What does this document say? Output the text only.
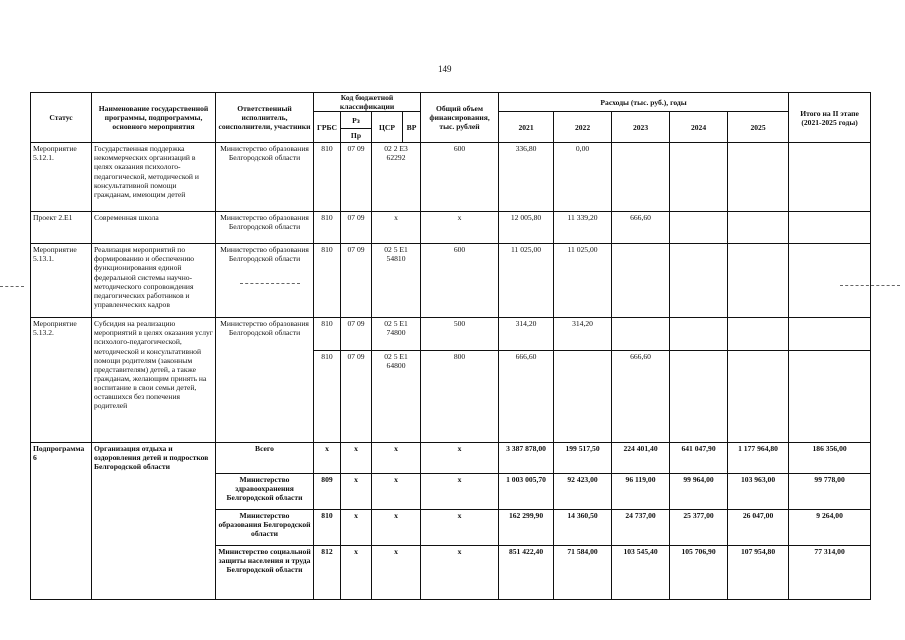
149
Статус	Наименование государственной программы, подпрограммы, основного мероприятия	Ответственный исполнитель, соисполнители, участники	Код бюджетной классификации				Общий объем финансирования, тыс. рублей	Расходы (тыс. руб.), годы					Итого на II этапе (2021-2025 годы)	
			ГРБС	Рз	ЦСР	ВР		2021	2022	2023	2024	2025		
				Пр										
Мероприятие 5.12.1.	Государственная поддержка некоммерческих организаций в целях оказания психолого-педагогической, методической и консультативной помощи гражданам, имеющим детей	Министерство образования Белгородской области	810	07 09	02 2 Е3 62292		600	336,80	0,00					
Проект 2.Е1	Современная школа	Министерство образования Белгородской области	810	07 09	х		х	12 005,80	11 339,20	666,60				
Мероприятие 5.13.1.	Реализация мероприятий по формированию и обеспечению функционирования единой федеральной системы научно-методического сопровождения педагогических работников и управленческих кадров	Министерство образования Белгородской области	810	07 09	02 5 Е1 54810		600	11 025,00	11 025,00					
Мероприятие 5.13.2.	Субсидия на реализацию мероприятий в целях оказания услуг психолого-педагогической, методической и консультативной помощи родителям (законным представителям) детей, а также гражданам, желающим принять на воспитание в свои семьи детей, оставшихся без попечения родителей	Министерство образования Белгородской области	810	07 09	02 5 Е1 74800		500	314,20	314,20					
			810	07 09	02 5 Е1 64800		800	666,60		666,60				
Подпрограмма 6	Организация отдыха и оздоровления детей и подростков Белгородской области	Всего	х	х	х		х	3 387 878,00	199 517,50	224 401,40	641 047,90	1 177 964,80	186 356,00	
		Министерство здравоохранения Белгородской области	809	х	х		х	1 003 005,70	92 423,00	96 119,00	99 964,00	103 963,00	99 778,00	
		Министерство образования Белгородской области	810	х	х		х	162 299,90	14 360,50	24 737,00	25 377,00	26 047,00	9 264,00	
		Министерство социальной защиты населения и труда Белгородской области	812	х	х		х	851 422,40	71 584,00	103 545,40	105 706,90	107 954,80	77 314,00	
